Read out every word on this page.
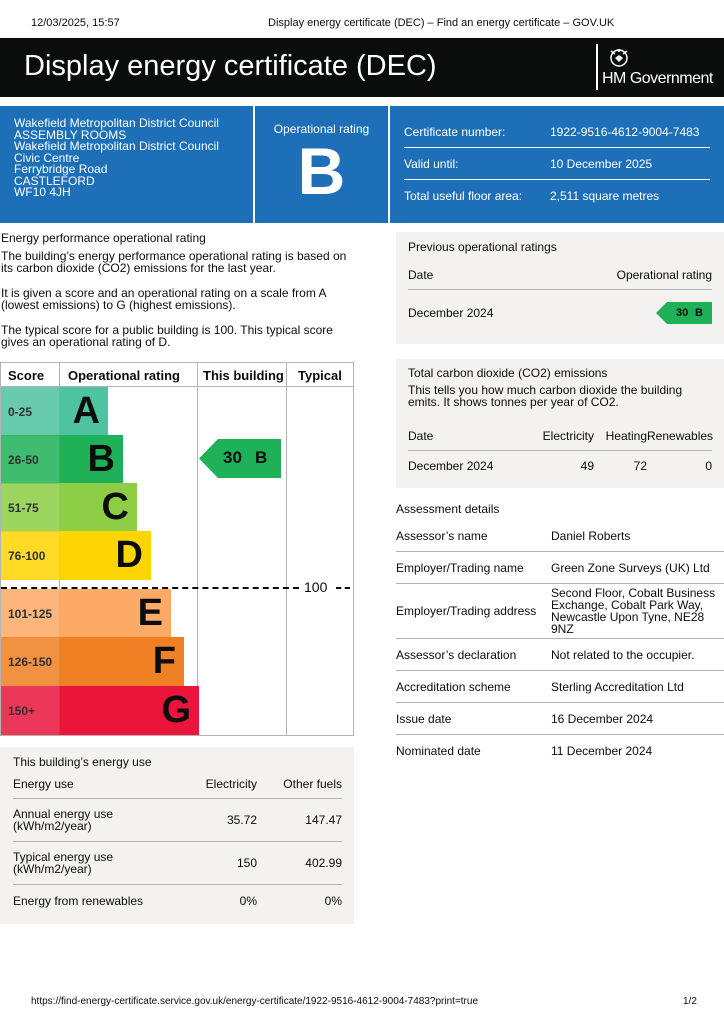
12/03/2025, 15:57	Display energy certificate (DEC) – Find an energy certificate – GOV.UK
Display energy certificate (DEC)	HM Government
Wakefield Metropolitan District Council
ASSEMBLY ROOMS
Wakefield Metropolitan District Council
Civic Centre
Ferrybridge Road
CASTLEFORD
WF10 4JH
Operational rating
B
Certificate number:	1922-9516-4612-9004-7483
Valid until:	10 December 2025
Total useful floor area:	2,511 square metres
Energy performance operational rating
The building’s energy performance operational rating is based on its carbon dioxide (CO2) emissions for the last year.
It is given a score and an operational rating on a scale from A (lowest emissions) to G (highest emissions).
The typical score for a public building is 100. This typical score gives an operational rating of D.
Score Operational rating This building Typical
0-25	A
26-50	B
51-75	C
76-100	D
101-125	E
126-150	F
150+	G
100
30 B
This building’s energy use
Energy use	Electricity	Other fuels
Annual energy use (kWh/m2/year)	35.72	147.47
Typical energy use (kWh/m2/year)	150	402.99
Energy from renewables	0%	0%
Previous operational ratings
Date	Operational rating
December 2024	30 B
Total carbon dioxide (CO2) emissions
This tells you how much carbon dioxide the building emits. It shows tonnes per year of CO2.
Date	Electricity Heating Renewables
December 2024	49	72	0
Assessment details
Assessor’s name	Daniel Roberts
Employer/Trading name	Green Zone Surveys (UK) Ltd
Employer/Trading address
Second Floor, Cobalt Business Exchange, Cobalt Park Way, Newcastle Upon Tyne, NE28 9NZ
Assessor’s declaration	Not related to the occupier.
Accreditation scheme	Sterling Accreditation Ltd
Issue date	16 December 2024
Nominated date	11 December 2024
https://find-energy-certificate.service.gov.uk/energy-certificate/1922-9516-4612-9004-7483?print=true	1/2
